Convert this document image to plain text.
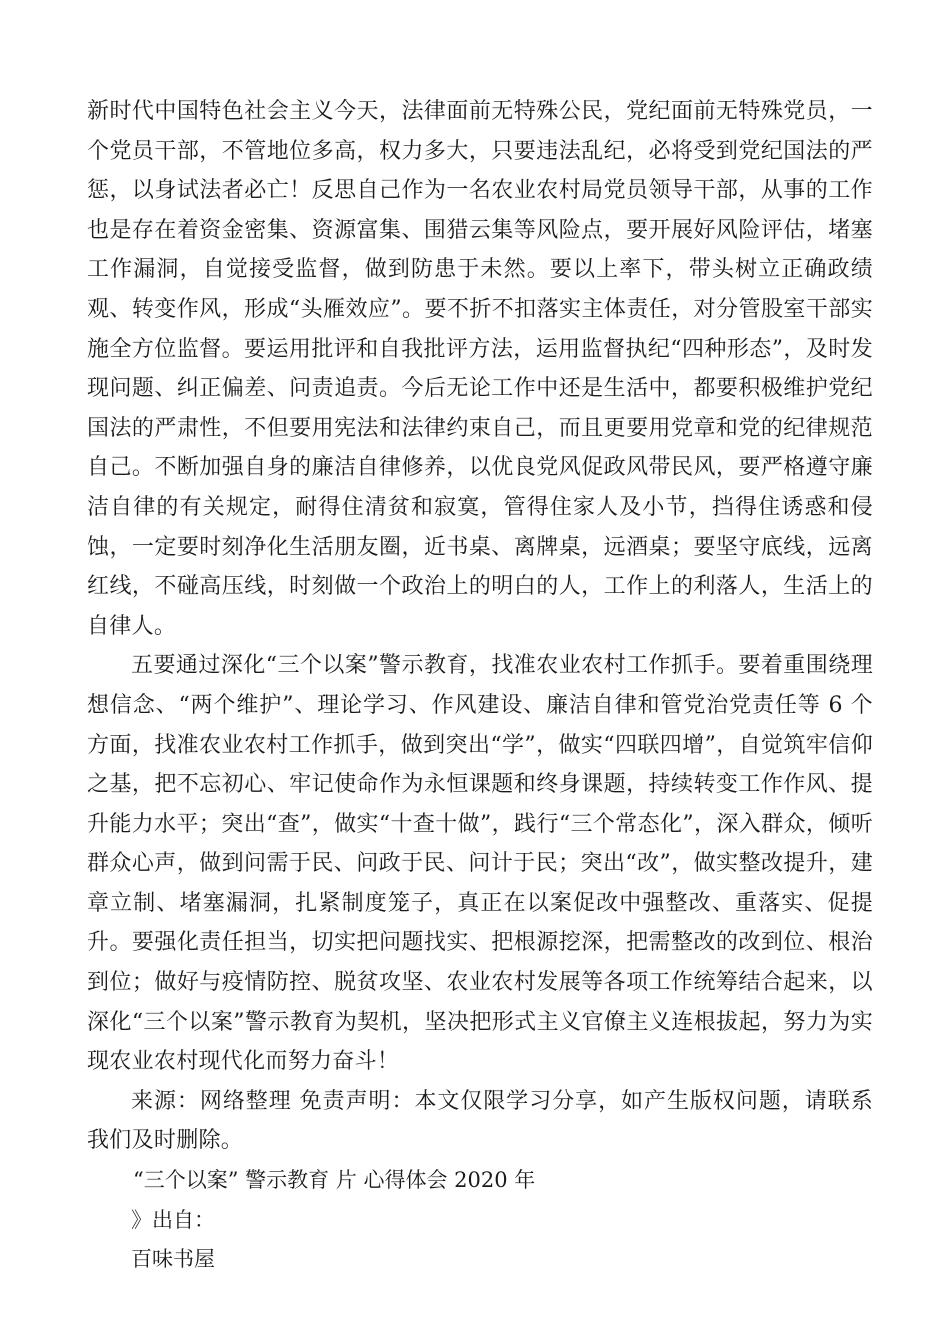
新时代中国特色社会主义今天，法律面前无特殊公民，党纪面前无特殊党员，一个党员干部，不管地位多高，权力多大，只要违法乱纪，必将受到党纪国法的严惩，以身试法者必亡！反思自己作为一名农业农村局党员领导干部，从事的工作也是存在着资金密集、资源富集、围猎云集等风险点，要开展好风险评估，堵塞工作漏洞，自觉接受监督，做到防患于未然。要以上率下，带头树立正确政绩观、转变作风，形成“头雁效应”。要不折不扣落实主体责任，对分管股室干部实施全方位监督。要运用批评和自我批评方法，运用监督执纪“四种形态”，及时发现问题、纠正偏差、问责追责。今后无论工作中还是生活中，都要积极维护党纪国法的严肃性，不但要用宪法和法律约束自己，而且更要用党章和党的纪律规范自己。不断加强自身的廉洁自律修养，以优良党风促政风带民风，要严格遵守廉洁自律的有关规定，耐得住清贫和寂寞，管得住家人及小节，挡得住诱惑和侵蚀，一定要时刻净化生活朋友圈，近书桌、离牌桌，远酒桌；要坚守底线，远离红线，不碰高压线，时刻做一个政治上的明白的人，工作上的利落人，生活上的自律人。

五要通过深化“三个以案”警示教育，找准农业农村工作抓手。要着重围绕理想信念、“两个维护”、理论学习、作风建设、廉洁自律和管党治党责任等 6 个方面，找准农业农村工作抓手，做到突出“学”，做实“四联四增”，自觉筑牢信仰之基，把不忘初心、牢记使命作为永恒课题和终身课题，持续转变工作作风、提升能力水平；突出“查”，做实“十查十做”，践行“三个常态化”，深入群众，倾听群众心声，做到问需于民、问政于民、问计于民；突出“改”，做实整改提升，建章立制、堵塞漏洞，扎紧制度笼子，真正在以案促改中强整改、重落实、促提升。要强化责任担当，切实把问题找实、把根源挖深，把需整改的改到位、根治到位；做好与疫情防控、脱贫攻坚、农业农村发展等各项工作统筹结合起来，以深化“三个以案”警示教育为契机，坚决把形式主义官僚主义连根拔起，努力为实现农业农村现代化而努力奋斗！

来源：网络整理 免责声明：本文仅限学习分享，如产生版权问题，请联系我们及时删除。

“三个以案” 警示教育 片 心得体会 2020 年

》出自：

百味书屋
